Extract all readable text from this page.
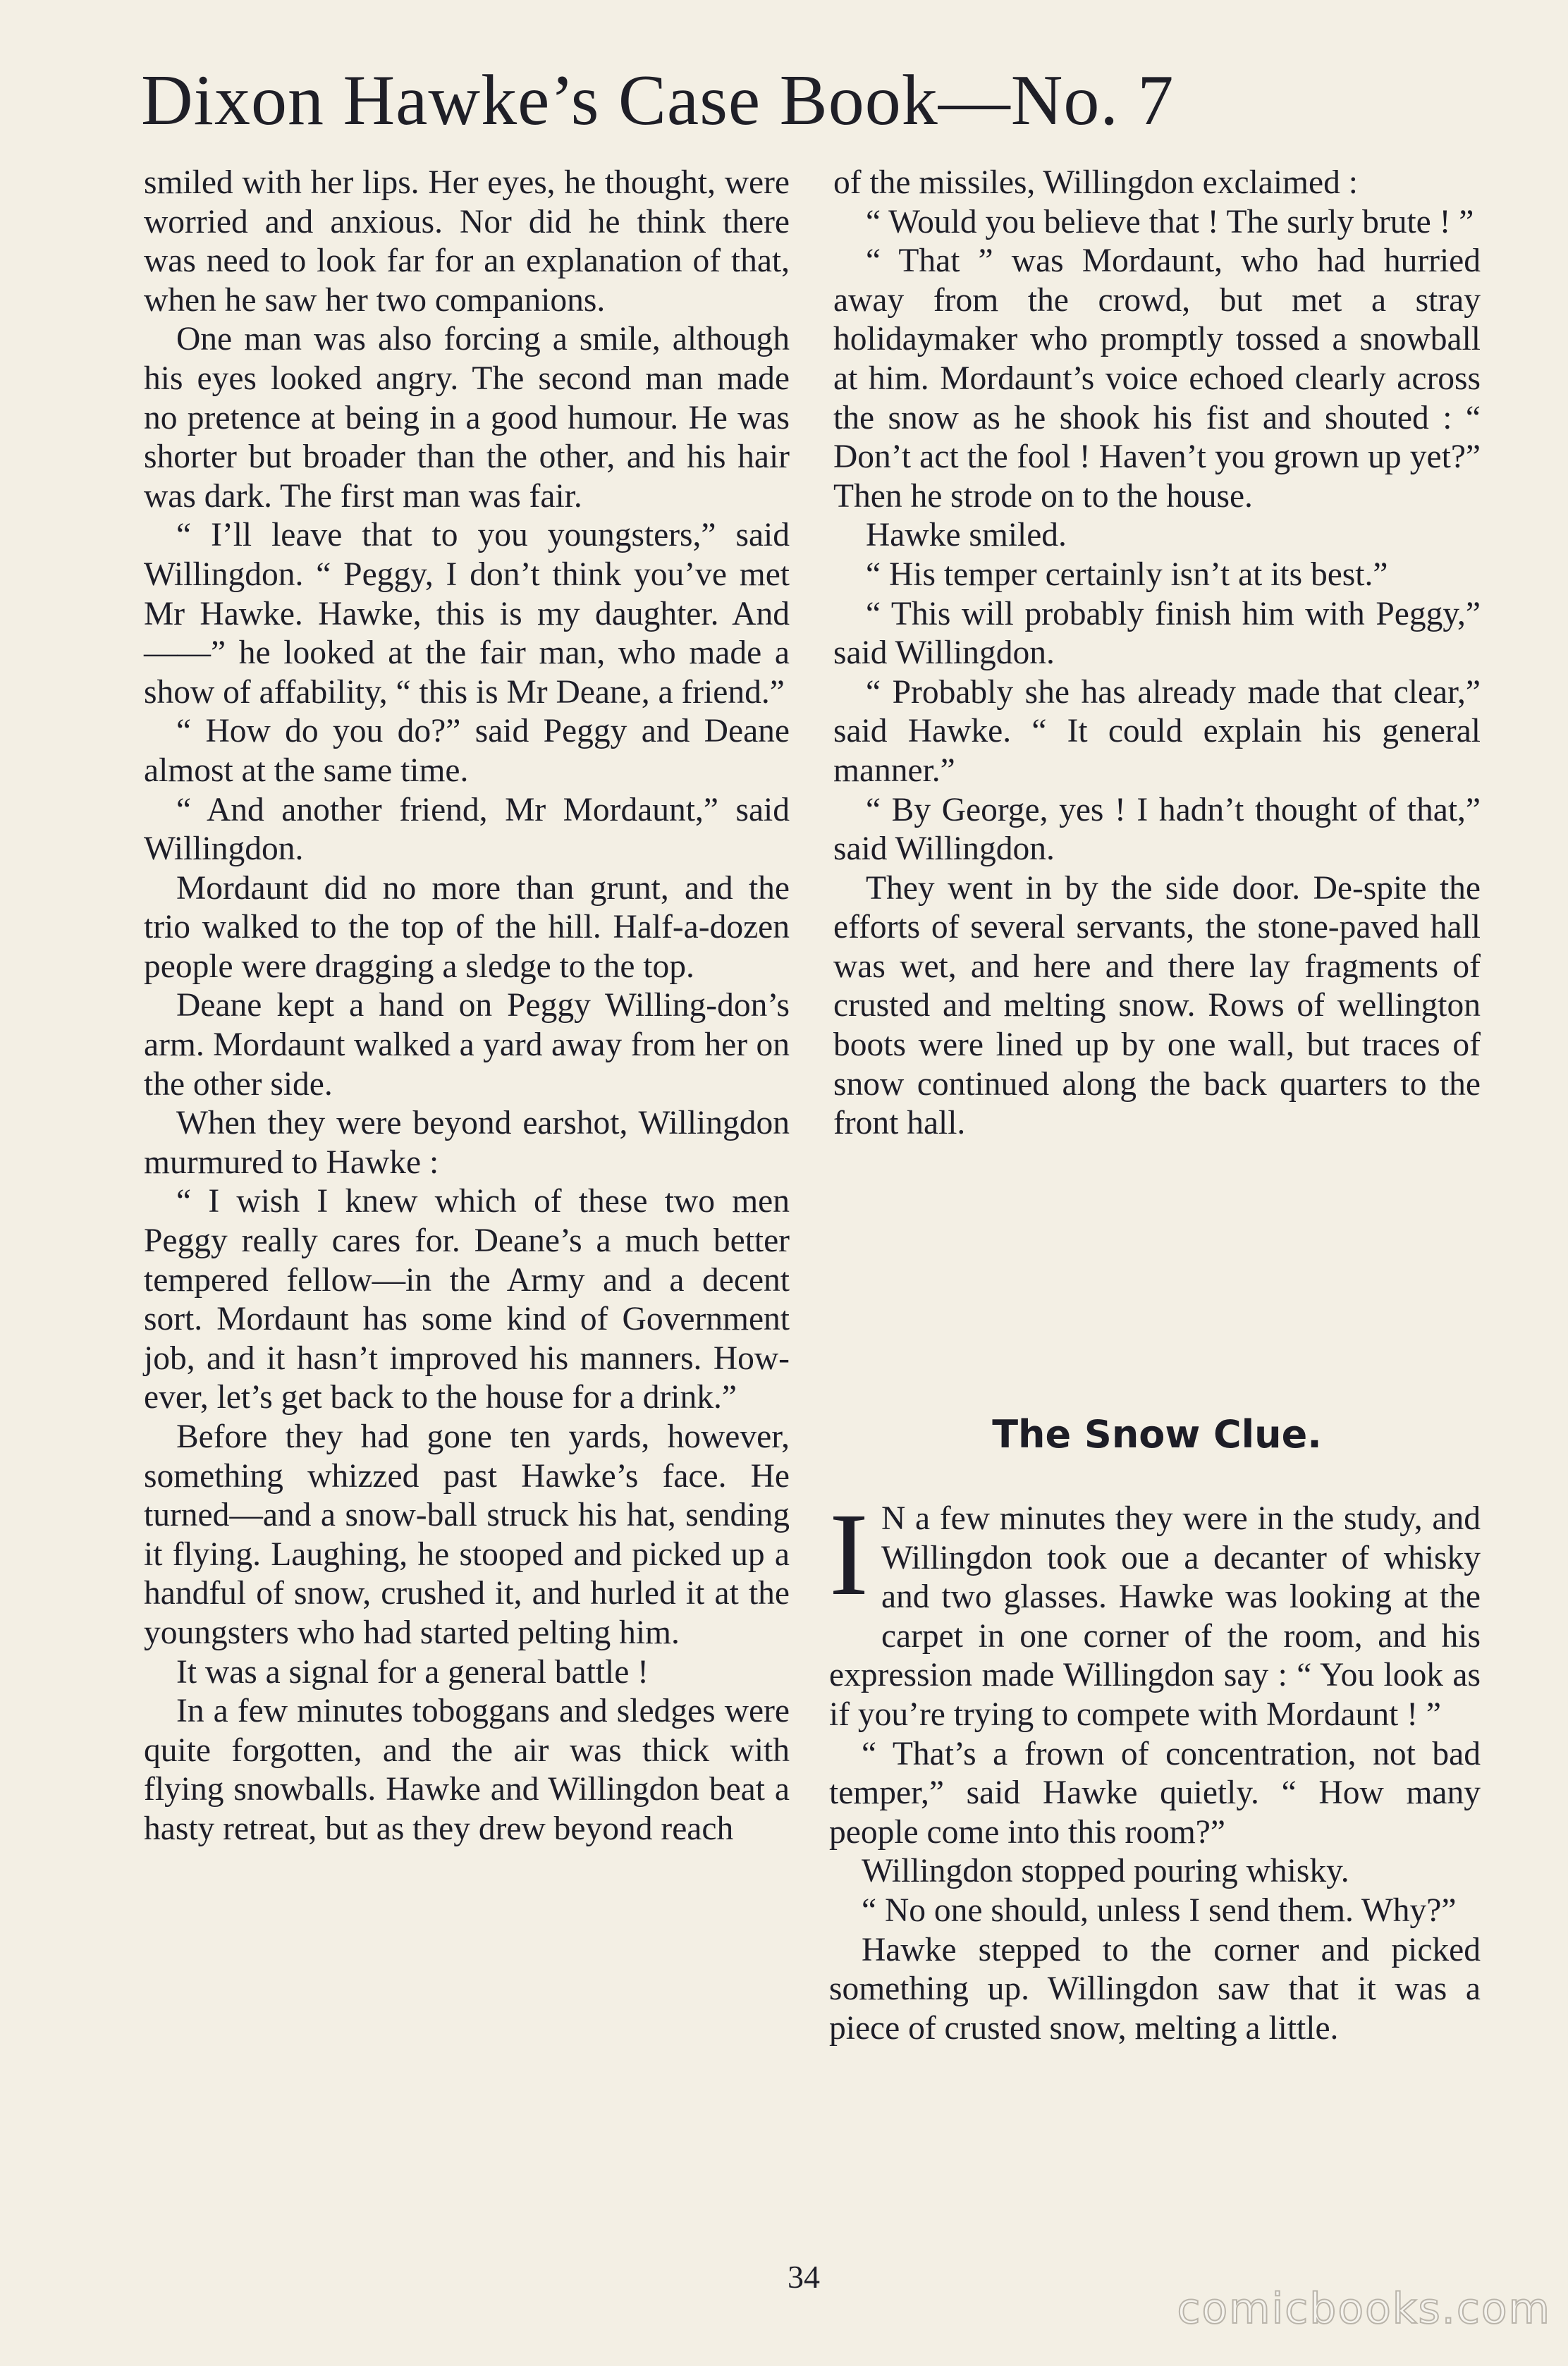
Dixon Hawke’s Case Book—No. 7

smiled with her lips. Her eyes, he thought, were worried and anxious. Nor did he think there was need to look far for an explanation of that, when he saw her two companions.

One man was also forcing a smile, although his eyes looked angry. The second man made no pretence at being in a good humour. He was shorter but broader than the other, and his hair was dark. The first man was fair.

“ I’ll leave that to you youngsters,” said Willingdon. “ Peggy, I don’t think you’ve met Mr Hawke. Hawke, this is my daughter. And——” he looked at the fair man, who made a show of affability, “ this is Mr Deane, a friend.”

“ How do you do?” said Peggy and Deane almost at the same time.

“ And another friend, Mr Mordaunt,” said Willingdon.

Mordaunt did no more than grunt, and the trio walked to the top of the hill. Half-a-dozen people were dragging a sledge to the top.

Deane kept a hand on Peggy Willing-don’s arm. Mordaunt walked a yard away from her on the other side.

When they were beyond earshot, Willingdon murmured to Hawke :

“ I wish I knew which of these two men Peggy really cares for. Deane’s a much better tempered fellow—in the Army and a decent sort. Mordaunt has some kind of Government job, and it hasn’t improved his manners. How-ever, let’s get back to the house for a drink.”

Before they had gone ten yards, however, something whizzed past Hawke’s face. He turned—and a snow-ball struck his hat, sending it flying. Laughing, he stooped and picked up a handful of snow, crushed it, and hurled it at the youngsters who had started pelting him.

It was a signal for a general battle !

In a few minutes toboggans and sledges were quite forgotten, and the air was thick with flying snowballs. Hawke and Willingdon beat a hasty retreat, but as they drew beyond reach

of the missiles, Willingdon exclaimed :

“ Would you believe that ! The surly brute ! ”

“ That ” was Mordaunt, who had hurried away from the crowd, but met a stray holidaymaker who promptly tossed a snowball at him. Mordaunt’s voice echoed clearly across the snow as he shook his fist and shouted : “ Don’t act the fool ! Haven’t you grown up yet?” Then he strode on to the house.

Hawke smiled.

“ His temper certainly isn’t at its best.”

“ This will probably finish him with Peggy,” said Willingdon.

“ Probably she has already made that clear,” said Hawke. “ It could explain his general manner.”

“ By George, yes ! I hadn’t thought of that,” said Willingdon.

They went in by the side door. De-spite the efforts of several servants, the stone-paved hall was wet, and here and there lay fragments of crusted and melting snow. Rows of wellington boots were lined up by one wall, but traces of snow continued along the back quarters to the front hall.

The Snow Clue.

I N a few minutes they were in the study, and Willingdon took oue a decanter of whisky and two glasses. Hawke was looking at the carpet in one corner of the room, and his expression made Willingdon say : “ You look as if you’re trying to compete with Mordaunt ! ”

“ That’s a frown of concentration, not bad temper,” said Hawke quietly. “ How many people come into this room?”

Willingdon stopped pouring whisky.

“ No one should, unless I send them. Why?”

Hawke stepped to the corner and picked something up. Willingdon saw that it was a piece of crusted snow, melting a little.

34
comicbooks.com
